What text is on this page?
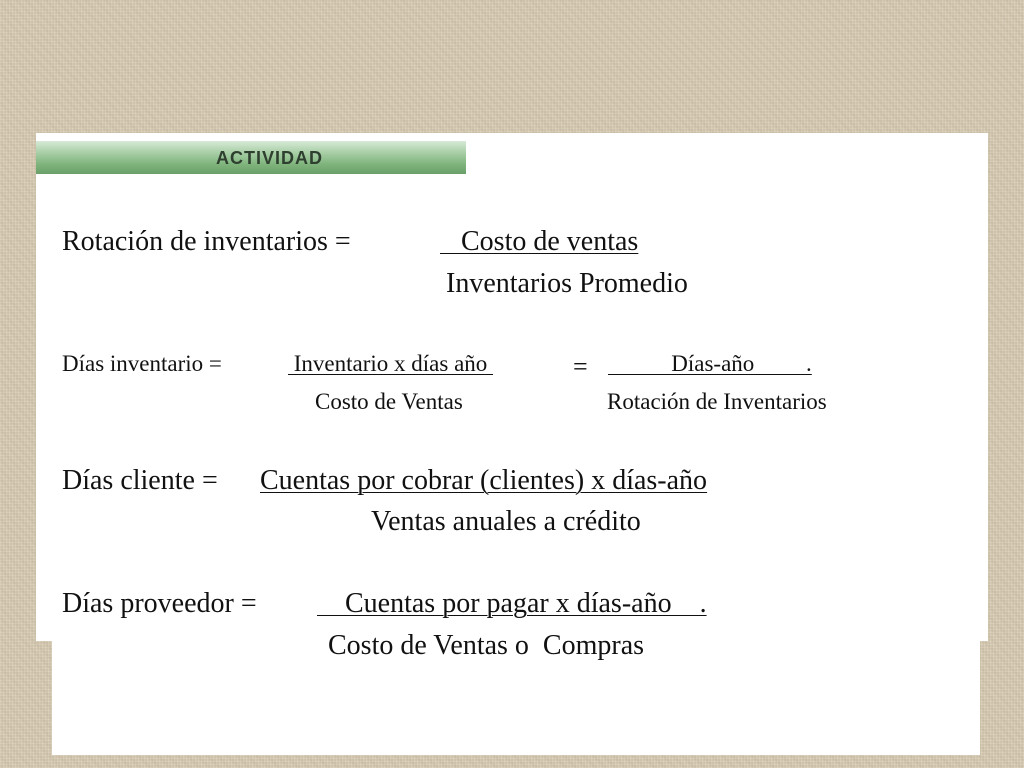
ACTIVIDAD
Rotación de inventarios =	Costo de ventas
Inventarios Promedio
Días inventario =	Inventario x días año
Costo de Ventas
= Días-año         .
Rotación de Inventarios
Días cliente = Cuentas por cobrar (clientes) x días-año
Ventas anuales a crédito
Días proveedor = Cuentas por pagar x días-año    .
Costo de Ventas o  Compras
